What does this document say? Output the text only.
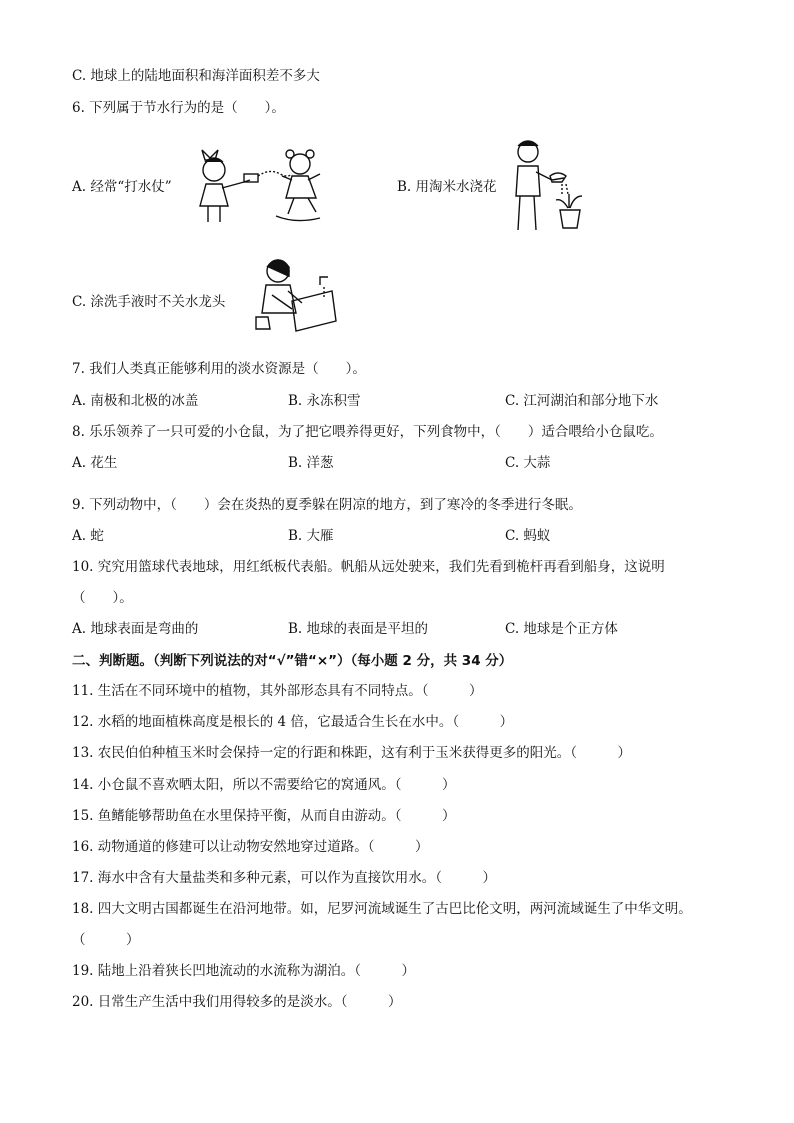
C. 地球上的陆地面积和海洋面积差不多大
6. 下列属于节水行为的是（　　）。
A. 经常“打水仗”	B. 用淘米水浇花
C. 涂洗手液时不关水龙头
7. 我们人类真正能够利用的淡水资源是（　　）。
A. 南极和北极的冰盖	B. 永冻积雪	C. 江河湖泊和部分地下水
8. 乐乐领养了一只可爱的小仓鼠，为了把它喂养得更好，下列食物中，（　　）适合喂给小仓鼠吃。
A. 花生	B. 洋葱	C. 大蒜
9. 下列动物中，（　　）会在炎热的夏季躲在阴凉的地方，到了寒冷的冬季进行冬眠。
A. 蛇	B. 大雁	C. 蚂蚁
10. 究究用篮球代表地球，用红纸板代表船。帆船从远处驶来，我们先看到桅杆再看到船身，这说明
（　　）。
A. 地球表面是弯曲的	B. 地球的表面是平坦的	C. 地球是个正方体
二、判断题。（判断下列说法的对“√”错“×”）（每小题 2 分，共 34 分）
11. 生活在不同环境中的植物，其外部形态具有不同特点。（　　　）
12. 水稻的地面植株高度是根长的 4 倍，它最适合生长在水中。（　　　）
13. 农民伯伯种植玉米时会保持一定的行距和株距，这有利于玉米获得更多的阳光。（　　　）
14. 小仓鼠不喜欢晒太阳，所以不需要给它的窝通风。（　　　）
15. 鱼鳍能够帮助鱼在水里保持平衡，从而自由游动。（　　　）
16. 动物通道的修建可以让动物安然地穿过道路。（　　　）
17. 海水中含有大量盐类和多种元素，可以作为直接饮用水。（　　　）
18. 四大文明古国都诞生在沿河地带。如，尼罗河流域诞生了古巴比伦文明，两河流域诞生了中华文明。
（　　　）
19. 陆地上沿着狭长凹地流动的水流称为湖泊。（　　　）
20. 日常生产生活中我们用得较多的是淡水。（　　　）
